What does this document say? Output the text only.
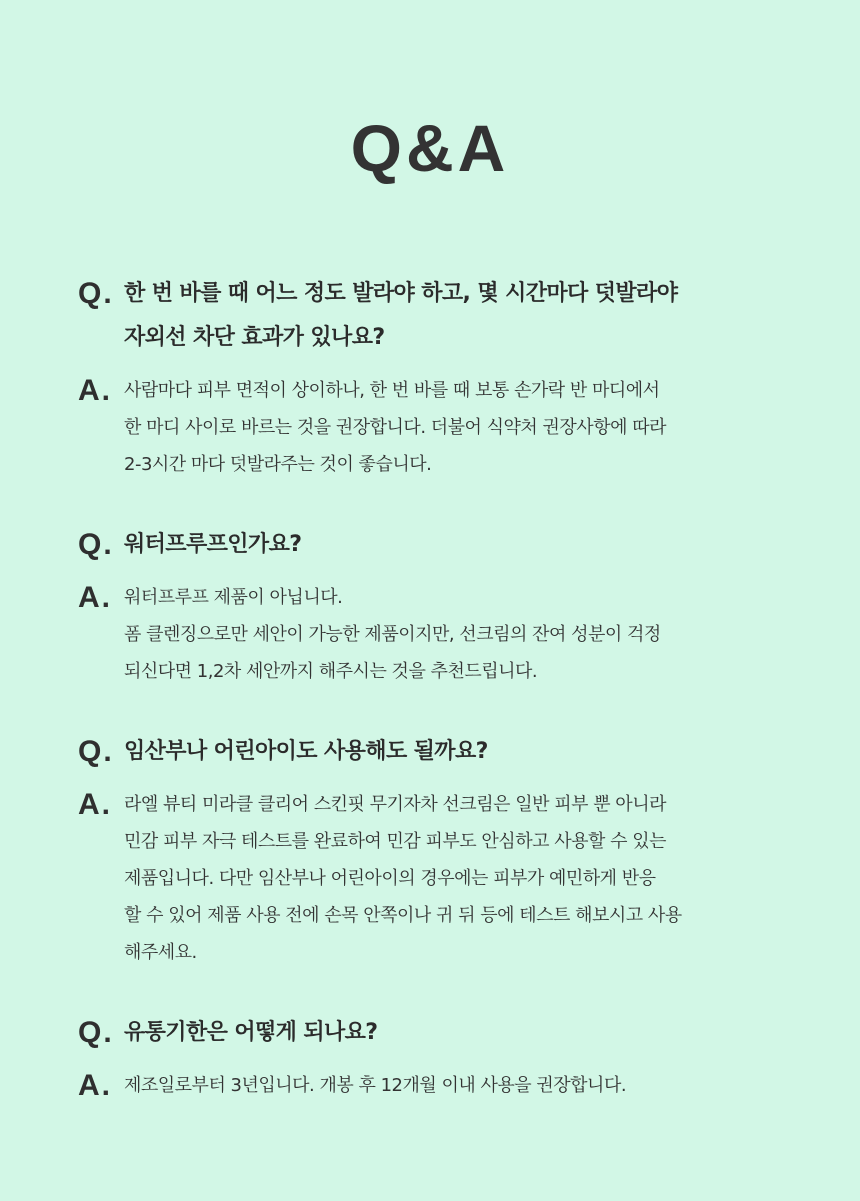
Q&A
Q. 한 번 바를 때 어느 정도 발라야 하고, 몇 시간마다 덧발라야
자외선 차단 효과가 있나요?
A. 사람마다 피부 면적이 상이하나, 한 번 바를 때 보통 손가락 반 마디에서
한 마디 사이로 바르는 것을 권장합니다. 더불어 식약처 권장사항에 따라
2-3시간 마다 덧발라주는 것이 좋습니다.
Q. 워터프루프인가요?
A. 워터프루프 제품이 아닙니다.
폼 클렌징으로만 세안이 가능한 제품이지만, 선크림의 잔여 성분이 걱정
되신다면 1,2차 세안까지 해주시는 것을 추천드립니다.
Q. 임산부나 어린아이도 사용해도 될까요?
A. 라엘 뷰티 미라클 클리어 스킨핏 무기자차 선크림은 일반 피부 뿐 아니라
민감 피부 자극 테스트를 완료하여 민감 피부도 안심하고 사용할 수 있는
제품입니다. 다만 임산부나 어린아이의 경우에는 피부가 예민하게 반응
할 수 있어 제품 사용 전에 손목 안쪽이나 귀 뒤 등에 테스트 해보시고 사용
해주세요.
Q. 유통기한은 어떻게 되나요?
A. 제조일로부터 3년입니다. 개봉 후 12개월 이내 사용을 권장합니다.
